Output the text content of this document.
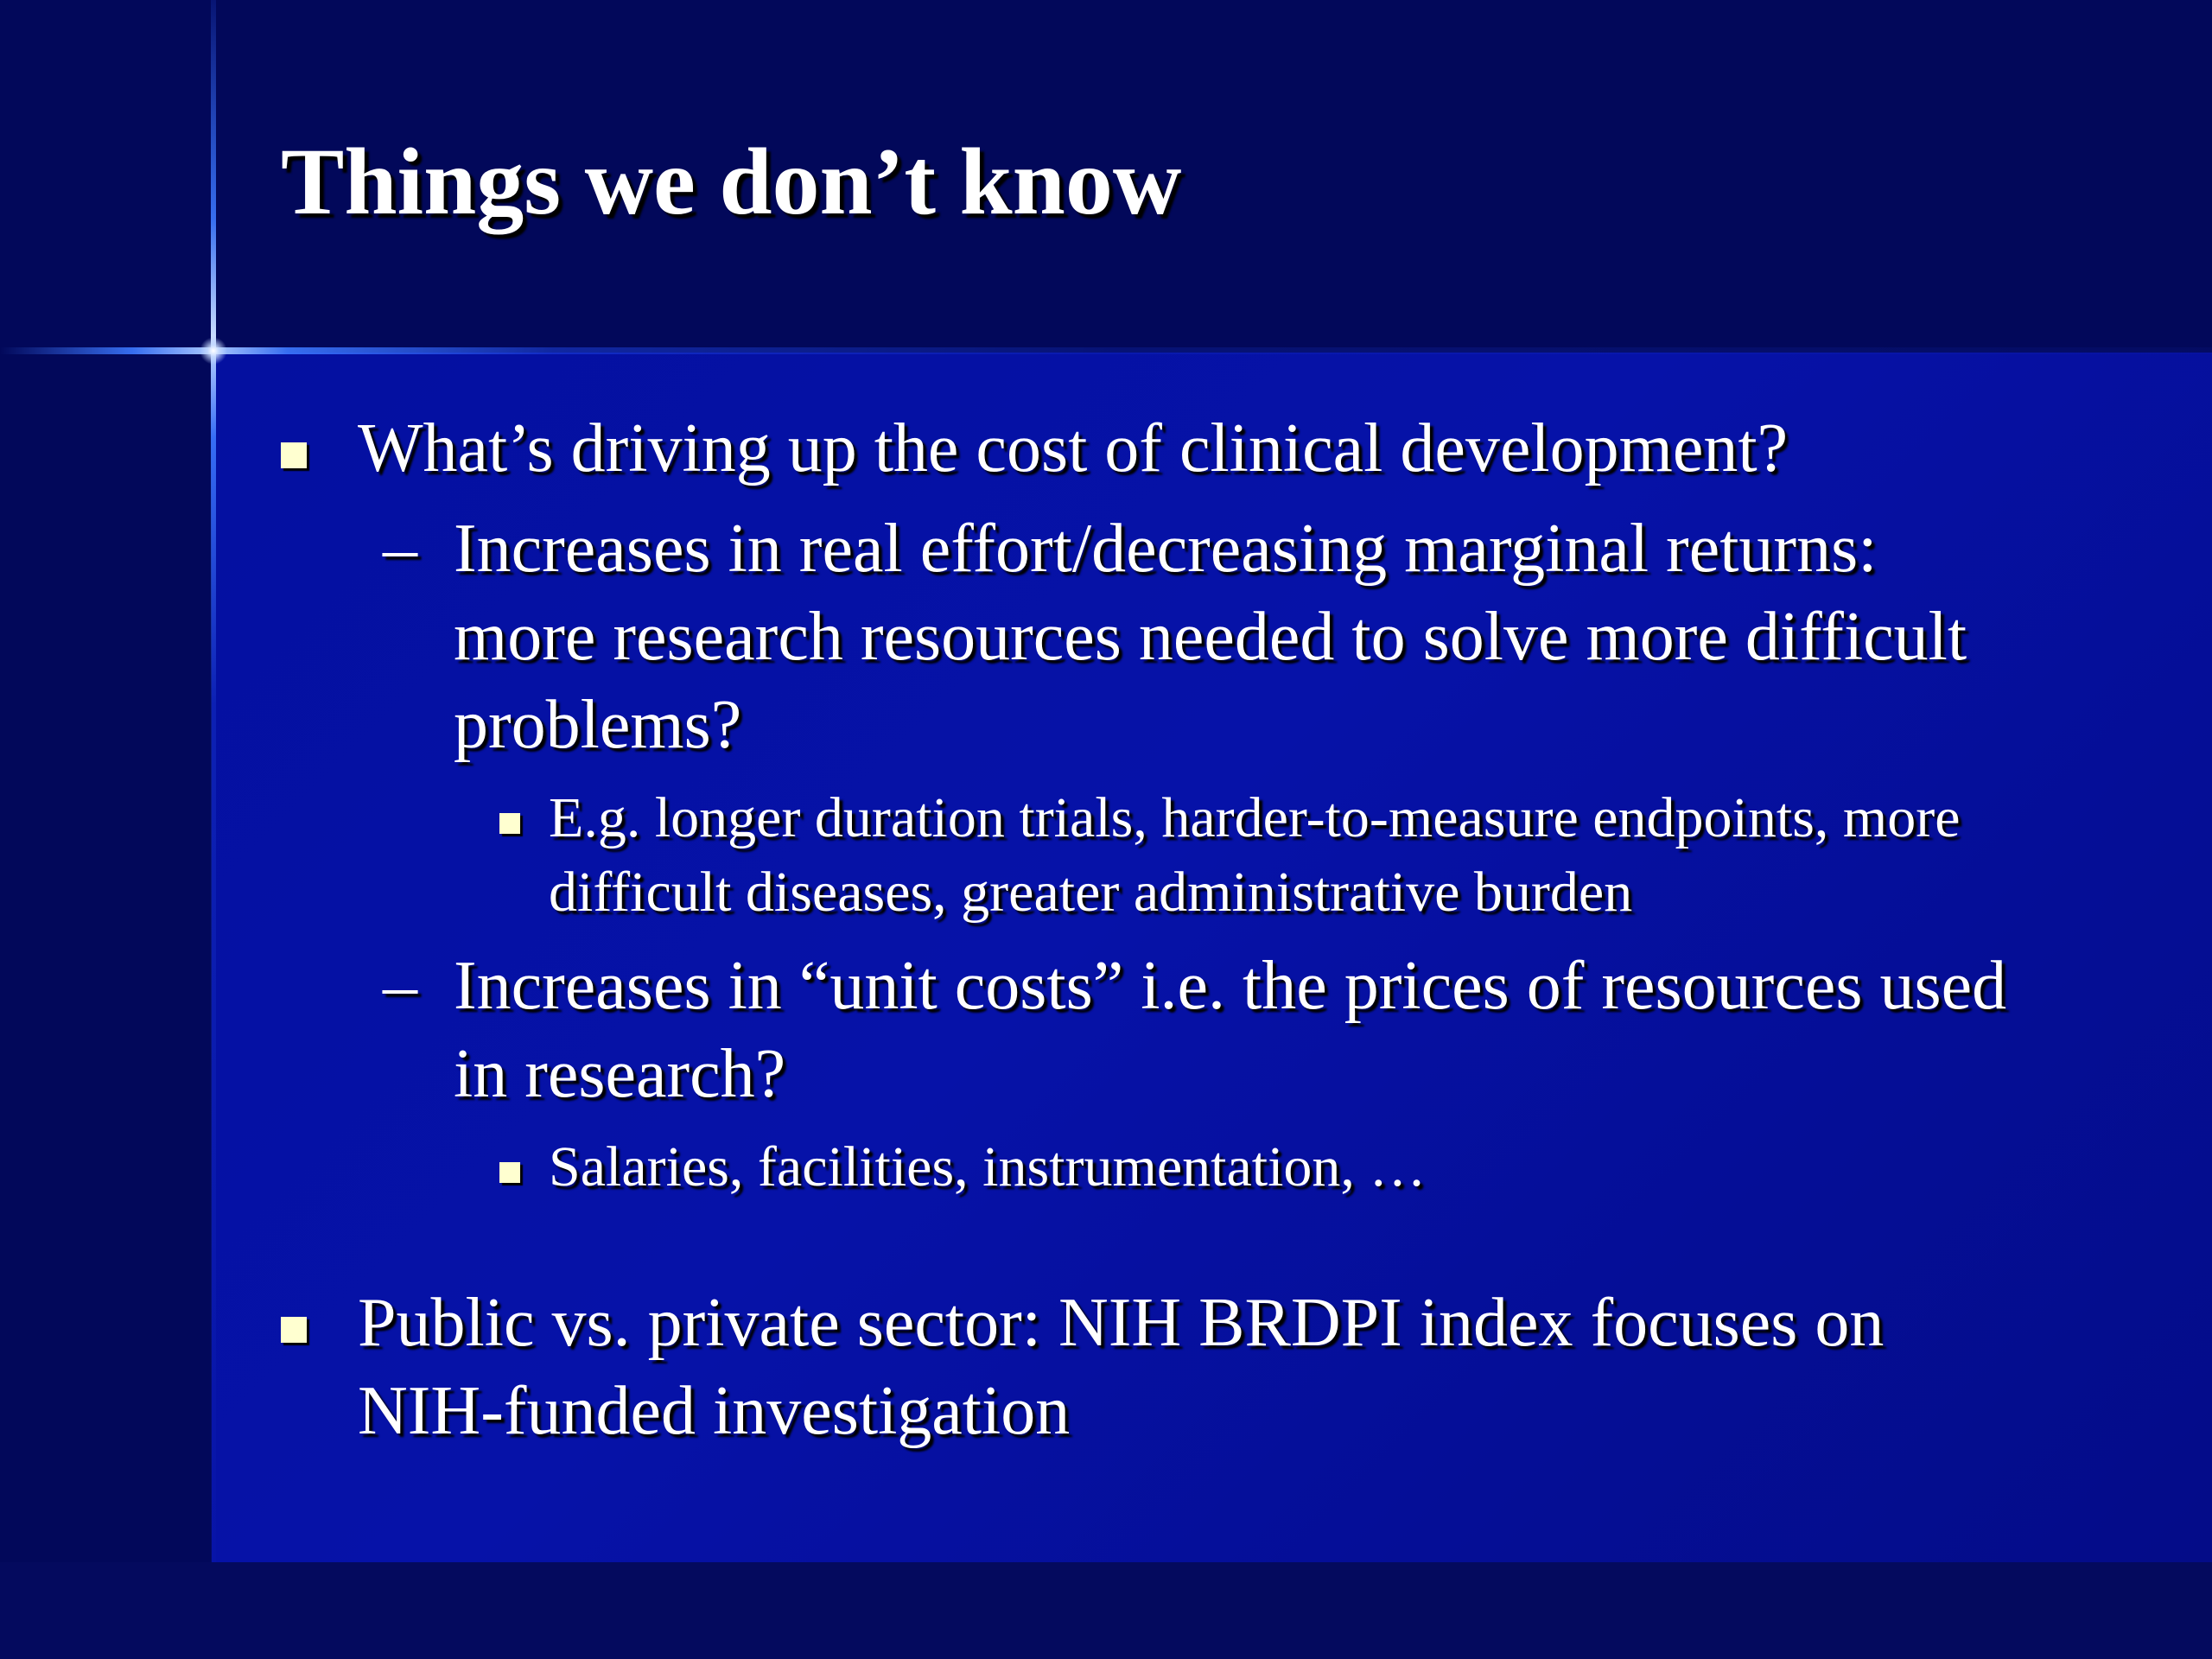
Things we don’t know
What’s driving up the cost of clinical development?
– Increases in real effort/decreasing marginal returns: more research resources needed to solve more difficult problems?
E.g. longer duration trials, harder-to-measure endpoints, more difficult diseases, greater administrative burden
– Increases in “unit costs” i.e. the prices of resources used in research?
Salaries, facilities, instrumentation, …
Public vs. private sector: NIH BRDPI index focuses on NIH-funded investigation
